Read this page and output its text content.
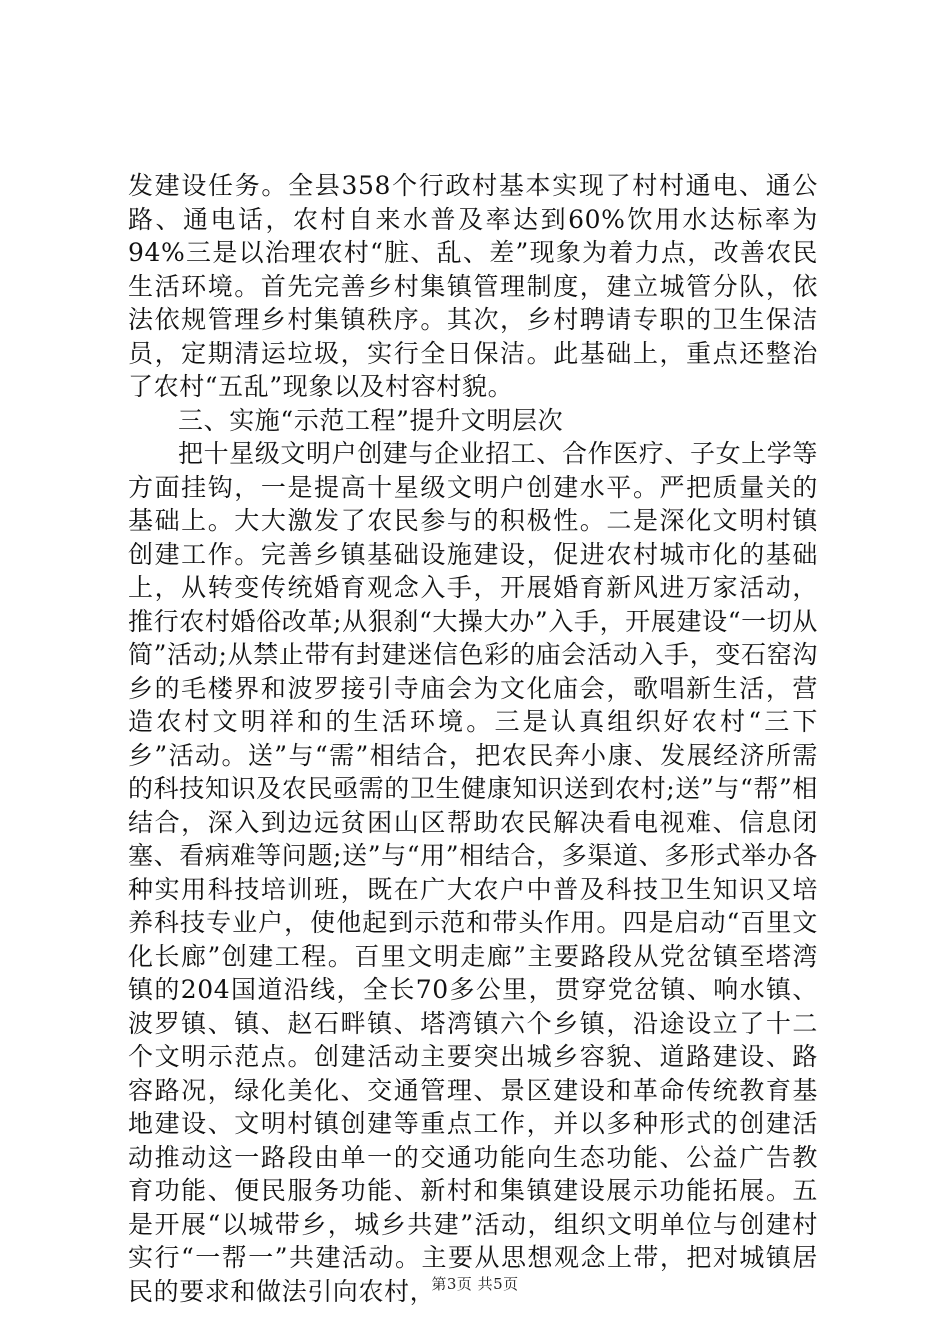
发建设任务。全县358个行政村基本实现了村村通电、通公路、通电话，农村自来水普及率达到60%饮用水达标率为94%三是以治理农村“脏、乱、差”现象为着力点，改善农民生活环境。首先完善乡村集镇管理制度，建立城管分队，依法依规管理乡村集镇秩序。其次，乡村聘请专职的卫生保洁员，定期清运垃圾，实行全日保洁。此基础上，重点还整治了农村“五乱”现象以及村容村貌。

三、实施“示范工程”提升文明层次

把十星级文明户创建与企业招工、合作医疗、子女上学等方面挂钩，一是提高十星级文明户创建水平。严把质量关的基础上。大大激发了农民参与的积极性。二是深化文明村镇创建工作。完善乡镇基础设施建设，促进农村城市化的基础上，从转变传统婚育观念入手，开展婚育新风进万家活动，推行农村婚俗改革;从狠刹“大操大办”入手，开展建设“一切从简”活动;从禁止带有封建迷信色彩的庙会活动入手，变石窑沟乡的毛楼界和波罗接引寺庙会为文化庙会，歌唱新生活，营造农村文明祥和的生活环境。三是认真组织好农村“三下乡”活动。送”与“需”相结合，把农民奔小康、发展经济所需的科技知识及农民亟需的卫生健康知识送到农村;送”与“帮”相结合，深入到边远贫困山区帮助农民解决看电视难、信息闭塞、看病难等问题;送”与“用”相结合，多渠道、多形式举办各种实用科技培训班，既在广大农户中普及科技卫生知识又培养科技专业户，使他起到示范和带头作用。四是启动“百里文化长廊”创建工程。百里文明走廊”主要路段从党岔镇至塔湾镇的204国道沿线，全长70多公里，贯穿党岔镇、响水镇、波罗镇、镇、赵石畔镇、塔湾镇六个乡镇，沿途设立了十二个文明示范点。创建活动主要突出城乡容貌、道路建设、路容路况，绿化美化、交通管理、景区建设和革命传统教育基地建设、文明村镇创建等重点工作，并以多种形式的创建活动推动这一路段由单一的交通功能向生态功能、公益广告教育功能、便民服务功能、新村和集镇建设展示功能拓展。五是开展“以城带乡，城乡共建”活动，组织文明单位与创建村实行“一帮一”共建活动。主要从思想观念上带，把对城镇居民的要求和做法引向农村，

第3页 共5页
